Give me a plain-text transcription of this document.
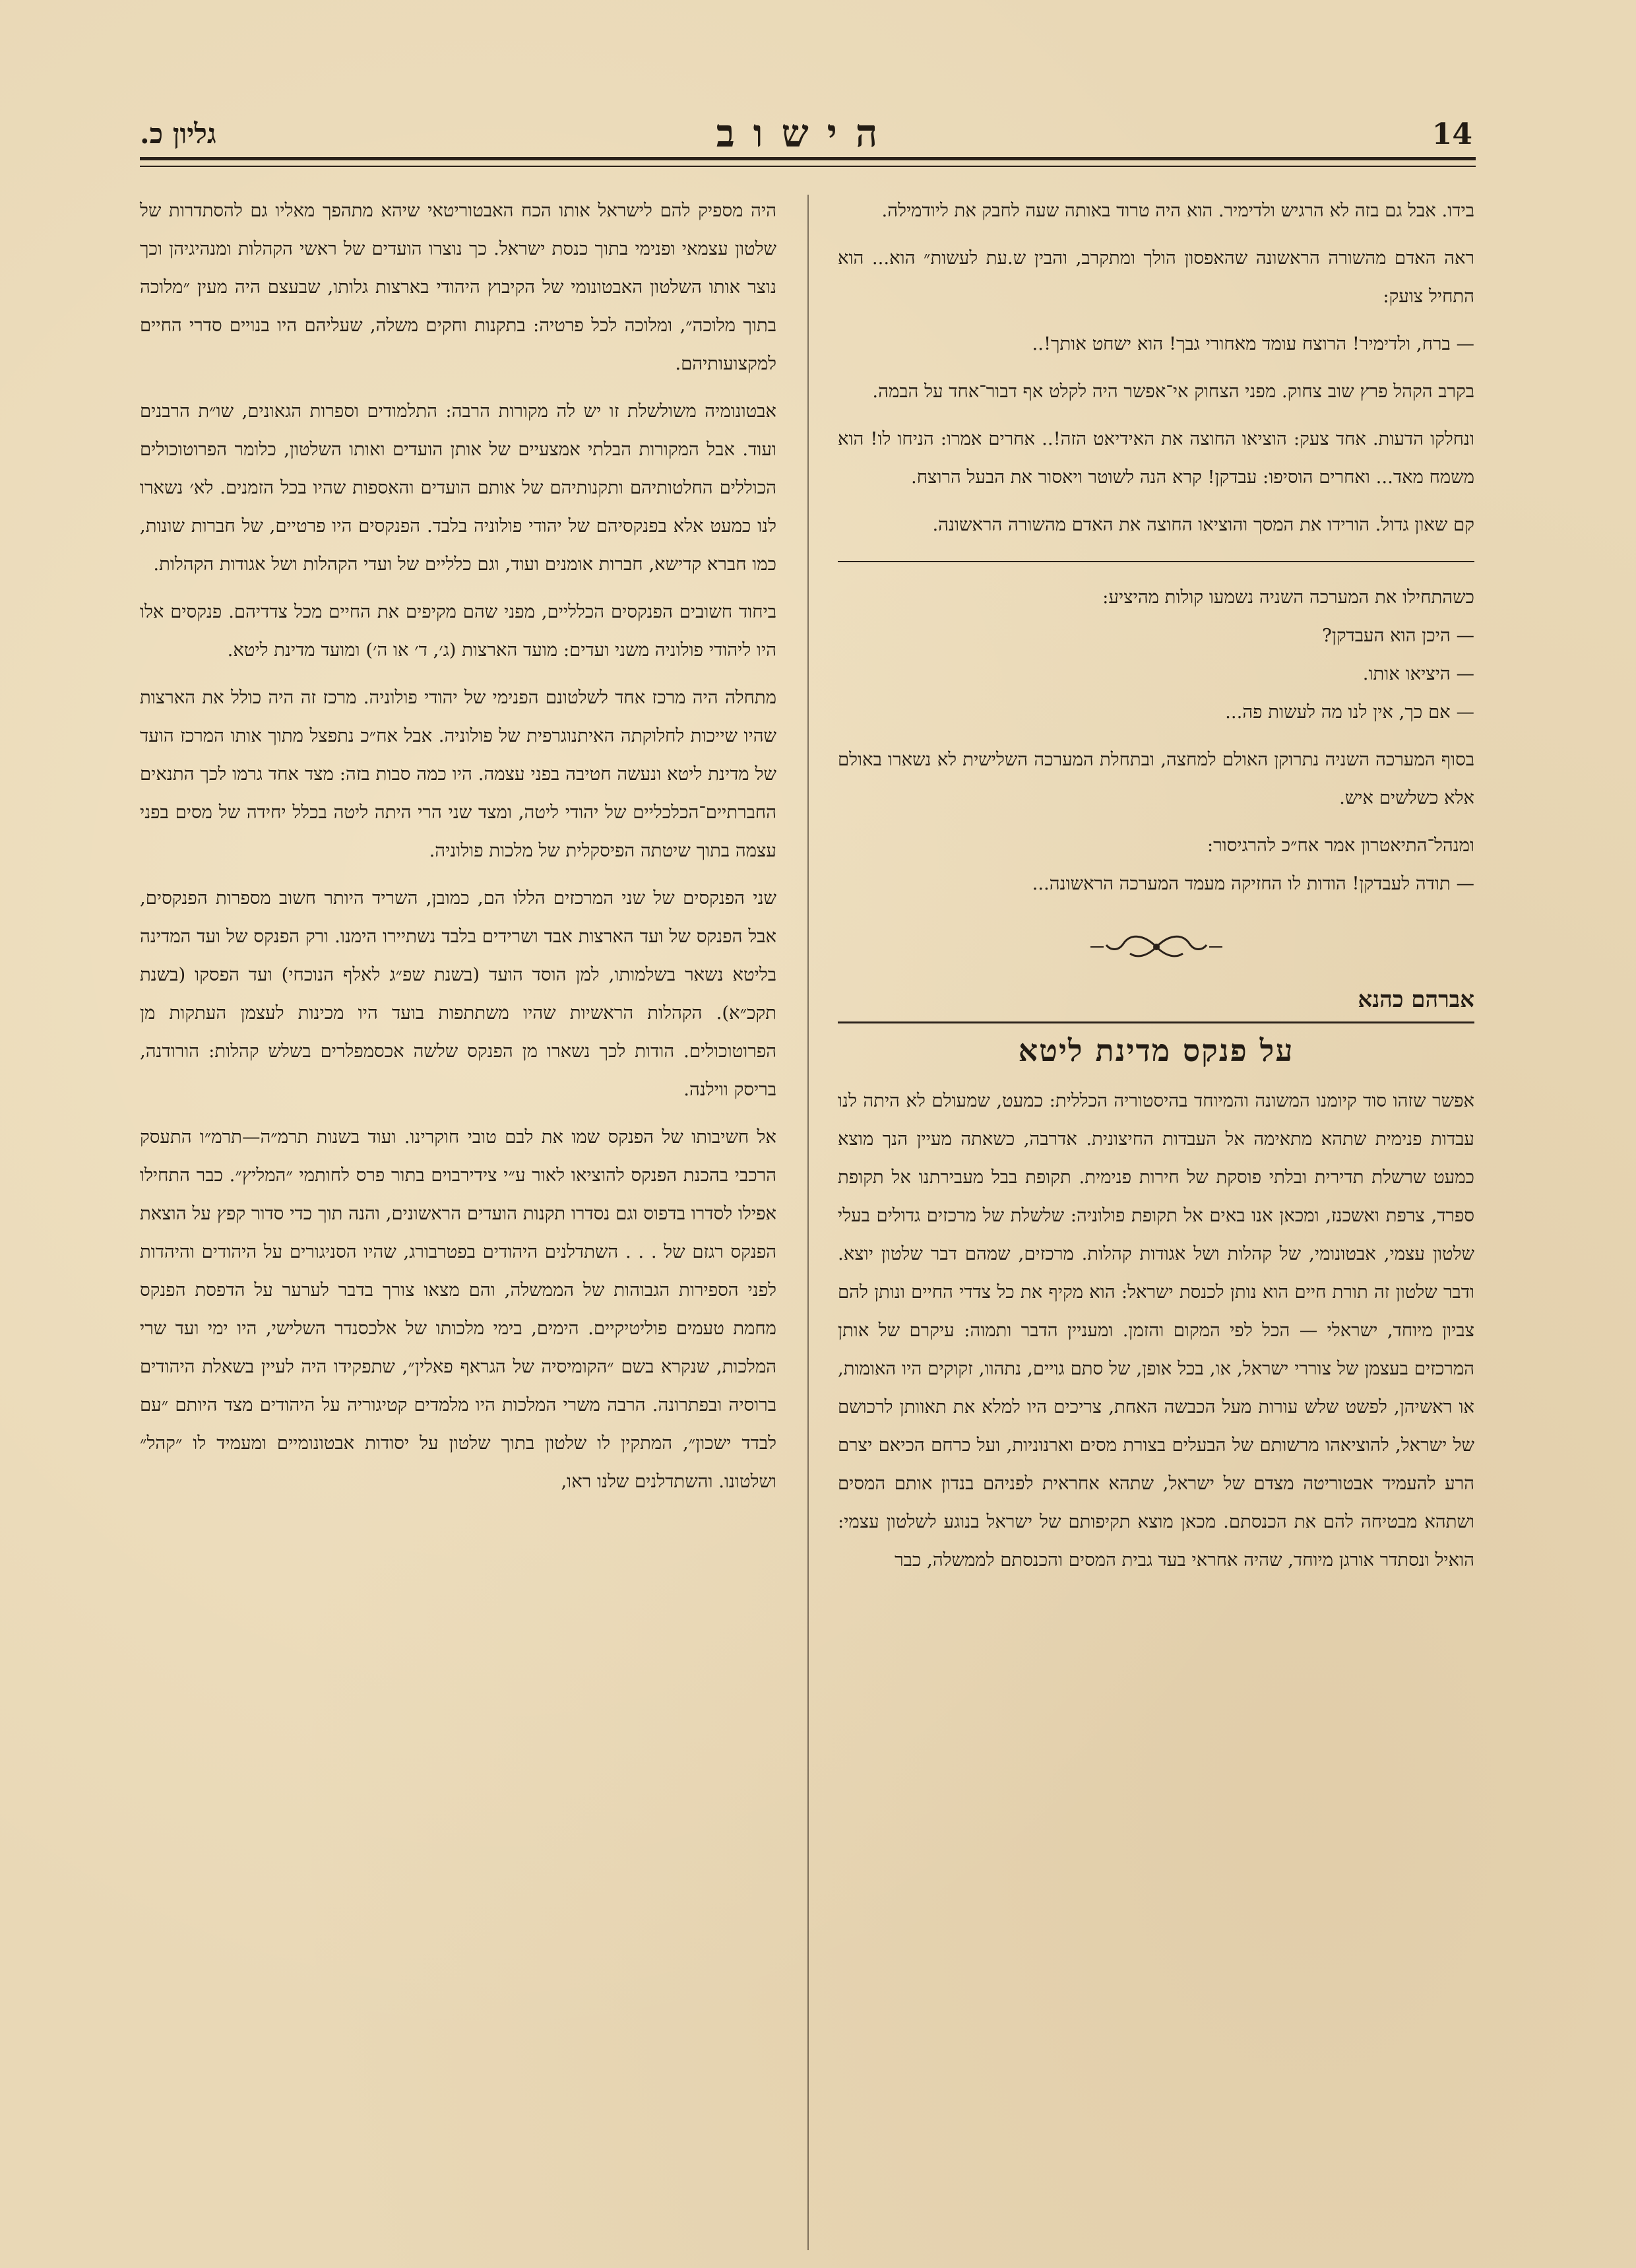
14
הישוב
גליון כ.

בידו. אבל גם בזה לא הרגיש ולדימיר. הוא היה טרוד באותה שעה לחבק את ליודמילה.

ראה האדם מהשורה הראשונה שהאפסון הולך ומתקרב, והבין ש.עת לעשות״ הוא... הוא התחיל צועק:

— ברח, ולדימיר! הרוצח עומד מאחורי גבך! הוא ישחט אותך!..

בקרב הקהל פרץ שוב צחוק. מפני הצחוק אי־אפשר היה לקלט אף דבור־אחד על הבמה.

ונחלקו הדעות. אחד צעק: הוציאו החוצה את האידיאט הזה!.. אחרים אמרו: הניחו לו! הוא משמח מאד... ואחרים הוסיפו: עבדקן! קרא הנה לשוטר ויאסור את הבעל הרוצח.

קם שאון גדול. הורידו את המסך והוציאו החוצה את האדם מהשורה הראשונה.

כשהתחילו את המערכה השניה נשמעו קולות מהיציע:

— היכן הוא העבדקן?

— היציאו אותו.

— אם כך, אין לנו מה לעשות פה...

בסוף המערכה השניה נתרוקן האולם למחצה, ובתחלת המערכה השלישית לא נשארו באולם אלא כשלשים איש.

ומנהל־התיאטרון אמר אח״כ להרגיסור:

— תודה לעבדקן! הודות לו החזיקה מעמד המערכה הראשונה...

אברהם כהנא
על פנקס מדינת ליטא

אפשר שזהו סוד קיומנו המשונה והמיוחד בהיסטוריה הכללית: כמעט, שמעולם לא היתה לנו עבדות פנימית שתהא מתאימה אל העבדות החיצונית. אדרבה, כשאתה מעיין הנך מוצא כמעט שרשלת תדירית ובלתי פוסקת של חירות פנימית. תקופת בבל מעבירתנו אל תקופת ספרד, צרפת ואשכנז, ומכאן אנו באים אל תקופת פולוניה: שלשלת של מרכזים גדולים בעלי שלטון עצמי, אבטונומי, של קהלות ושל אגודות קהלות. מרכזים, שמהם דבר שלטון יוצא. ודבר שלטון זה תורת חיים הוא נותן לכנסת ישראל: הוא מקיף את כל צדדי החיים ונותן להם צביון מיוחד, ישראלי — הכל לפי המקום והזמן. ומעניין הדבר ותמוה: עיקרם של אותן המרכזים בעצמן של צוררי ישראל, או, בכל אופן, של סתם גויים, נתהוו, זקוקים היו האומות, או ראשיהן, לפשט שלש עורות מעל הכבשה האחת, צריכים היו למלא את תאוותן לרכושם של ישראל, להוציאהו מרשותם של הבעלים בצורת מסים וארנוניות, ועל כרחם הכיאם יצרם הרע להעמיד אבטוריטה מצדם של ישראל, שתהא אחראית לפניהם בנדון אותם המסים ושתהא מבטיחה להם את הכנסתם. מכאן מוצא תקיפותם של ישראל בנוגע לשלטון עצמי: הואיל ונסתדר אורגן מיוחד, שהיה אחראי בעד גבית המסים והכנסתם לממשלה, כבר

היה מספיק להם לישראל אותו הכח האבטוריטאי שיהא מתהפך מאליו גם להסתדרות של שלטון עצמאי ופנימי בתוך כנסת ישראל. כך נוצרו הועדים של ראשי הקהלות ומנהיגיהן וכך נוצר אותו השלטון האבטונומי של הקיבוץ היהודי בארצות גלותו, שבעצם היה מעין ״מלוכה בתוך מלוכה״, ומלוכה לכל פרטיה: בתקנות וחקים משלה, שעליהם היו בנויים סדרי החיים למקצועותיהם.

אבטונומיה משולשלת זו יש לה מקורות הרבה: התלמודים וספרות הגאונים, שו״ת הרבנים ועוד. אבל המקורות הבלתי אמצעיים של אותן הועדים ואותו השלטון, כלומר הפרוטוכולים הכוללים החלטותיהם ותקנותיהם של אותם הועדים והאספות שהיו בכל הזמנים. לא׳ נשארו לנו כמעט אלא בפנקסיהם של יהודי פולוניה בלבד. הפנקסים היו פרטיים, של חברות שונות, כמו חברא קדישא, חברות אומנים ועוד, וגם כלליים של ועדי הקהלות ושל אגודות הקהלות.

ביחוד חשובים הפנקסים הכלליים, מפני שהם מקיפים את החיים מכל צדדיהם. פנקסים אלו היו ליהודי פולוניה משני ועדים: מועד הארצות (ג׳, ד׳ או ה׳) ומועד מדינת ליטא.

מתחלה היה מרכז אחד לשלטונם הפנימי של יהודי פולוניה. מרכז זה היה כולל את הארצות שהיו שייכות לחלוקתה האיתנוגרפית של פולוניה. אבל אח״כ נתפצל מתוך אותו המרכז הועד של מדינת ליטא ונעשה חטיבה בפני עצמה. היו כמה סבות בזה: מצד אחד גרמו לכך התנאים החברתיים־הכלכליים של יהודי ליטה, ומצד שני הרי היתה ליטה בכלל יחידה של מסים בפני עצמה בתוך שיטתה הפיסקלית של מלכות פולוניה.

שני הפנקסים של שני המרכזים הללו הם, כמובן, השריד היותר חשוב מספרות הפנקסים, אבל הפנקס של ועד הארצות אבד ושרידים בלבד נשתיירו הימנו. ורק הפנקס של ועד המדינה בליטא נשאר בשלמותו, למן הוסד הועד (בשנת שפ״ג לאלף הנוכחי) ועד הפסקו (בשנת תקכ״א). הקהלות הראשיות שהיו משתתפות בועד היו מכינות לעצמן העתקות מן הפרוטוכולים. הודות לכך נשארו מן הפנקס שלשה אכסמפלרים בשלש קהלות: הורודנה, בריסק ווילנה.

אל חשיבותו של הפנקס שמו את לבם טובי חוקרינו. ועוד בשנות תרמ״ה—תרמ״ו התעסק הרכבי בהכנת הפנקס להוציאו לאור ע״י צידירבוים בתור פרס לחותמי ״המליץ״. כבר התחילו אפילו לסדרו בדפוס וגם נסדרו תקנות הועדים הראשונים, והנה תוך כדי סדור קפץ על הוצאת הפנקס רגזם של . . . השתדלנים היהודים בפטרבורג, שהיו הסניגורים על היהודים והיהדות לפני הספירות הגבוהות של הממשלה, והם מצאו צורך בדבר לערער על הדפסת הפנקס מחמת טעמים פוליטיקיים. הימים, בימי מלכותו של אלכסנדר השלישי, היו ימי ועד שרי המלכות, שנקרא בשם ״הקומיסיה של הגראף פאלין״, שתפקידו היה לעיין בשאלת היהודים ברוסיה ובפתרונה. הרבה משרי המלכות היו מלמדים קטיגוריה על היהודים מצד היותם ״עם לבדד ישכון״, המתקין לו שלטון בתוך שלטון על יסודות אבטונומיים ומעמיד לו ״קהל״ ושלטונו. והשתדלנים שלנו ראו,
